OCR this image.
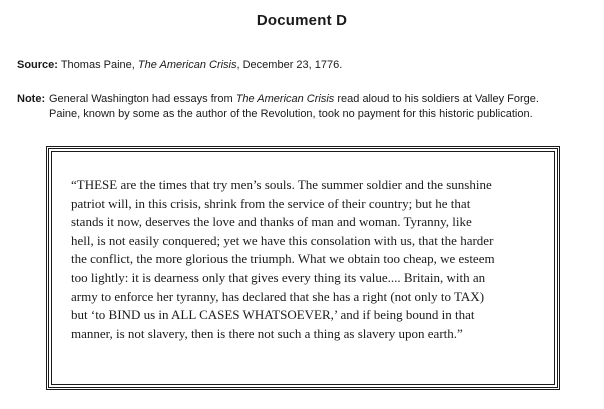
Document D
Source: Thomas Paine, The American Crisis, December 23, 1776.
Note: General Washington had essays from The American Crisis read aloud to his soldiers at Valley Forge.
Paine, known by some as the author of the Revolution, took no payment for this historic publication.

“THESE are the times that try men’s souls. The summer soldier and the sunshine
patriot will, in this crisis, shrink from the service of their country; but he that
stands it now, deserves the love and thanks of man and woman. Tyranny, like
hell, is not easily conquered; yet we have this consolation with us, that the harder
the conflict, the more glorious the triumph. What we obtain too cheap, we esteem
too lightly: it is dearness only that gives every thing its value.... Britain, with an
army to enforce her tyranny, has declared that she has a right (not only to TAX)
but ‘to BIND us in ALL CASES WHATSOEVER,’ and if being bound in that
manner, is not slavery, then is there not such a thing as slavery upon earth.”
